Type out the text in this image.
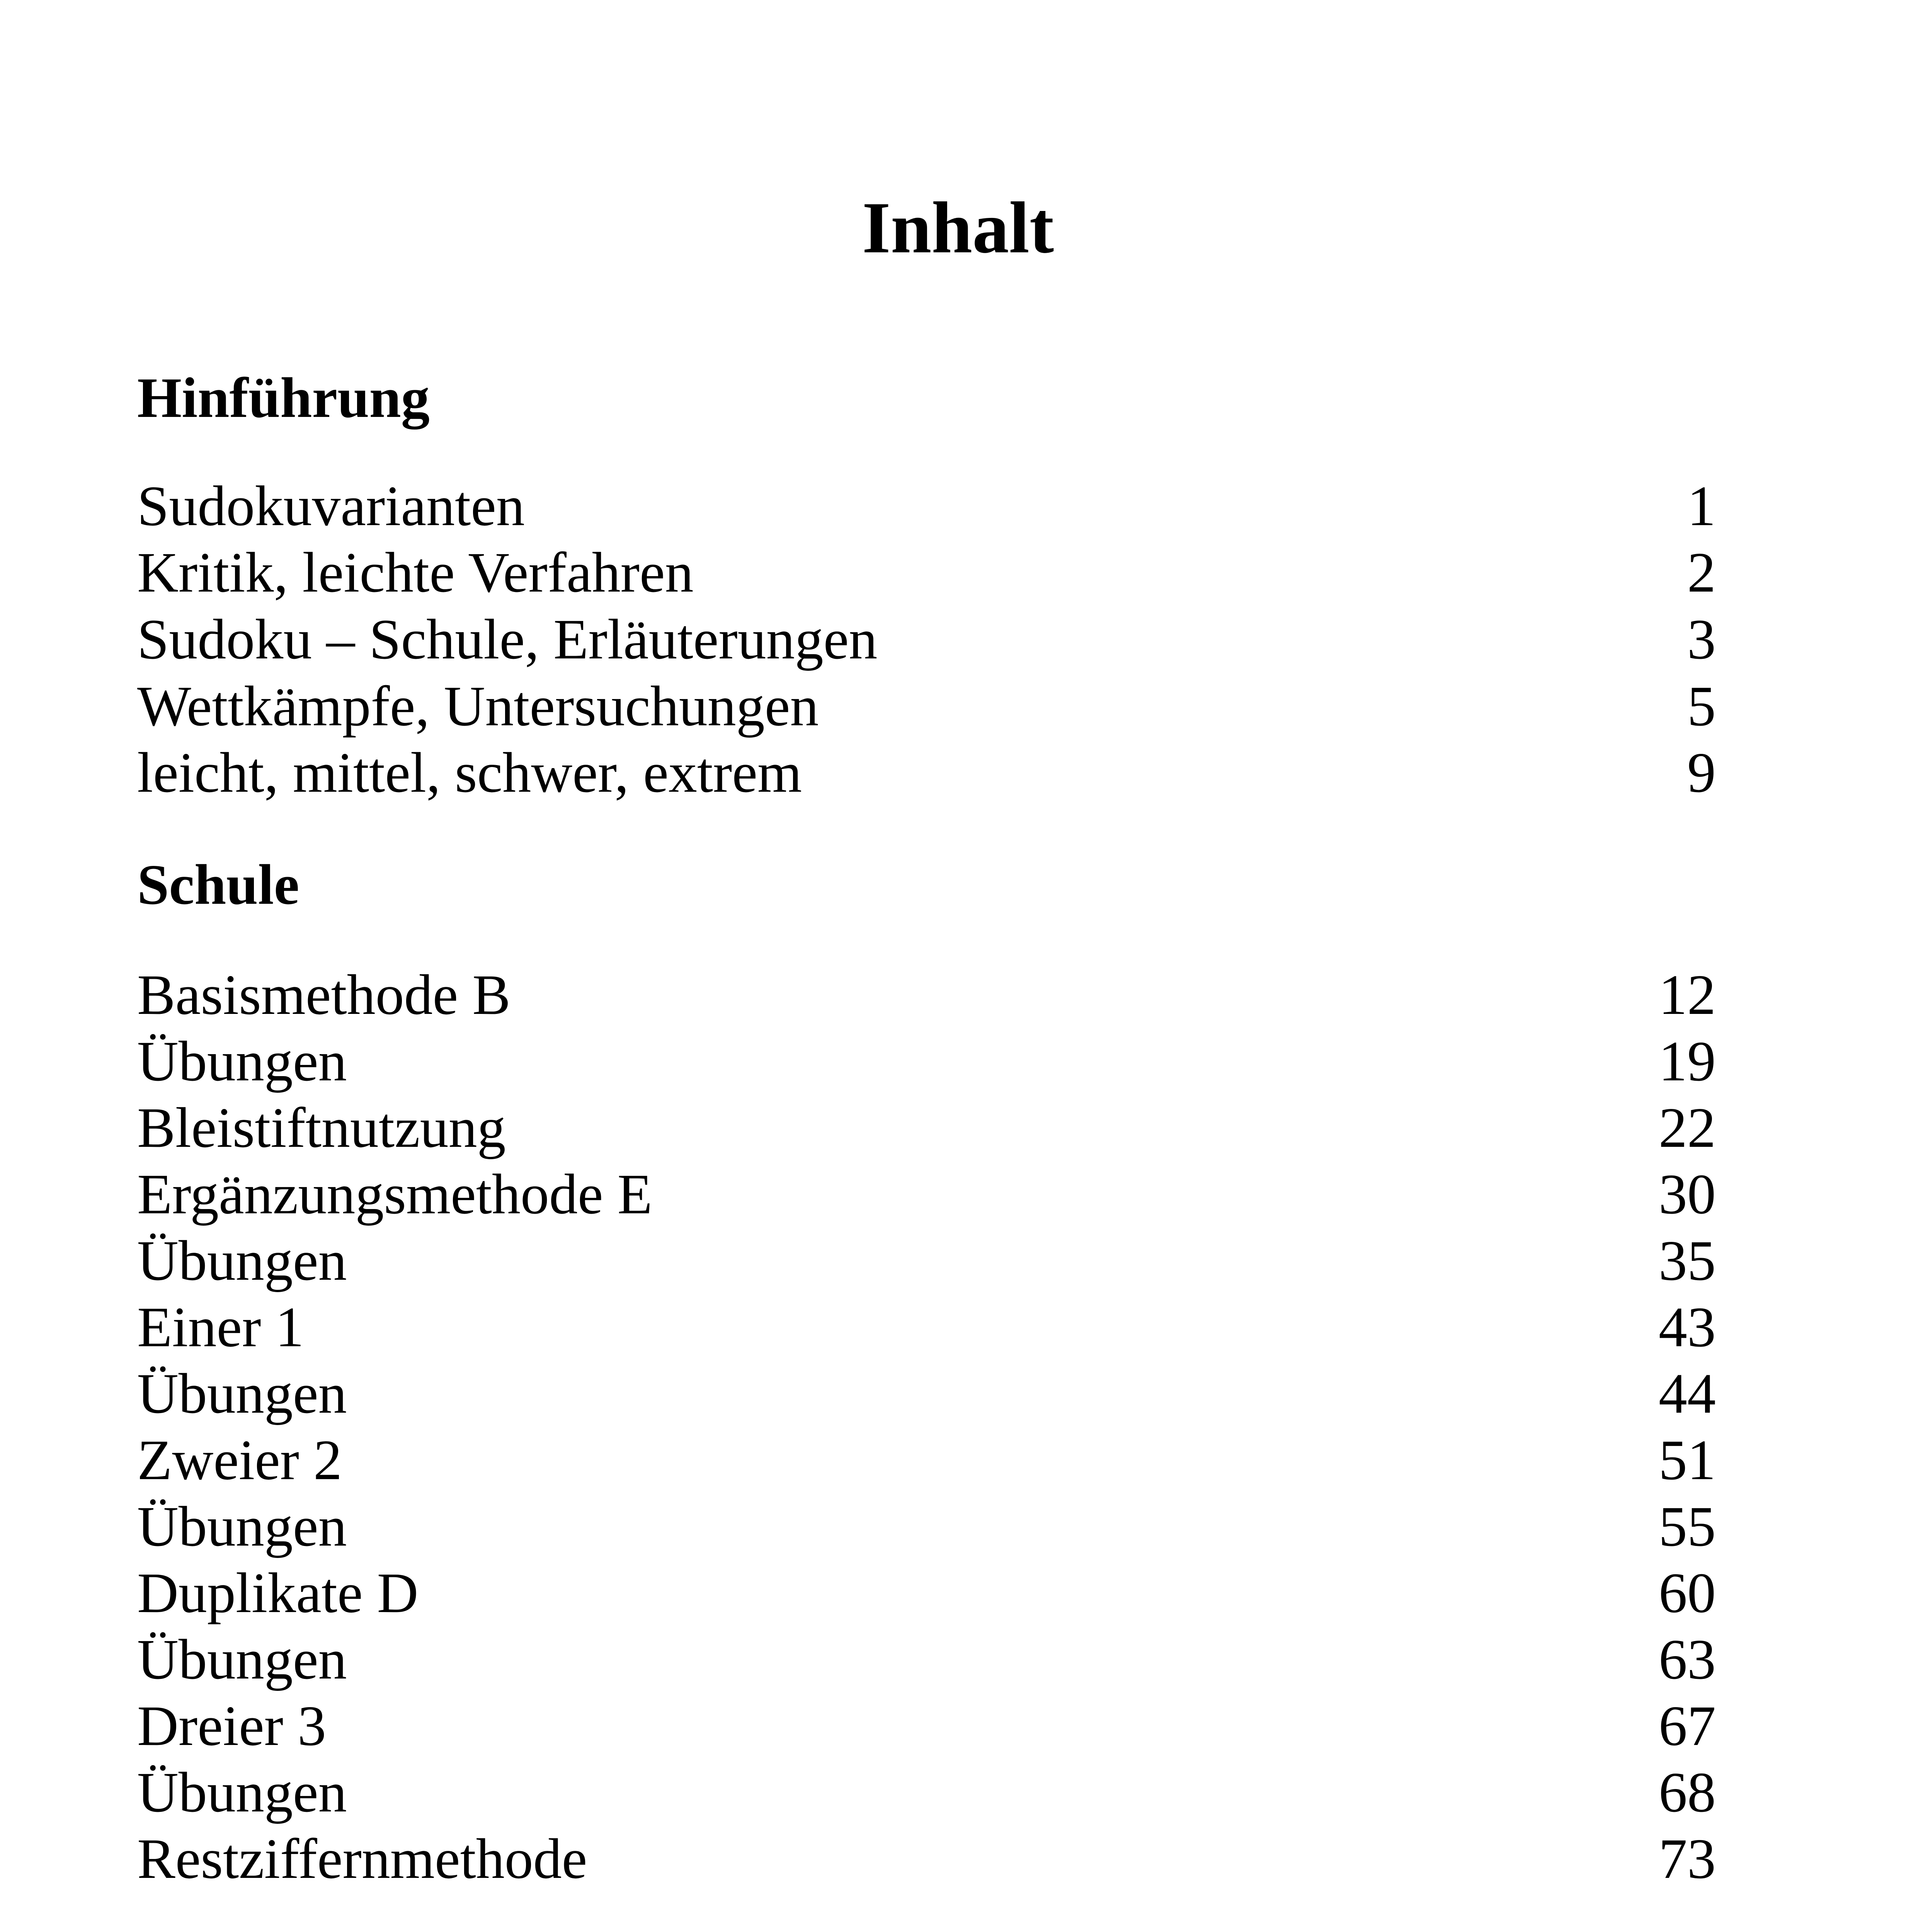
Inhalt
Hinführung
Sudokuvarianten	1
Kritik, leichte Verfahren	2
Sudoku – Schule, Erläuterungen	3
Wettkämpfe, Untersuchungen	5
leicht, mittel, schwer, extrem	9
Schule
Basismethode B	12
Übungen	19
Bleistiftnutzung	22
Ergänzungsmethode E	30
Übungen	35
Einer 1	43
Übungen	44
Zweier 2	51
Übungen	55
Duplikate D	60
Übungen	63
Dreier 3	67
Übungen	68
Restziffernmethode	73
